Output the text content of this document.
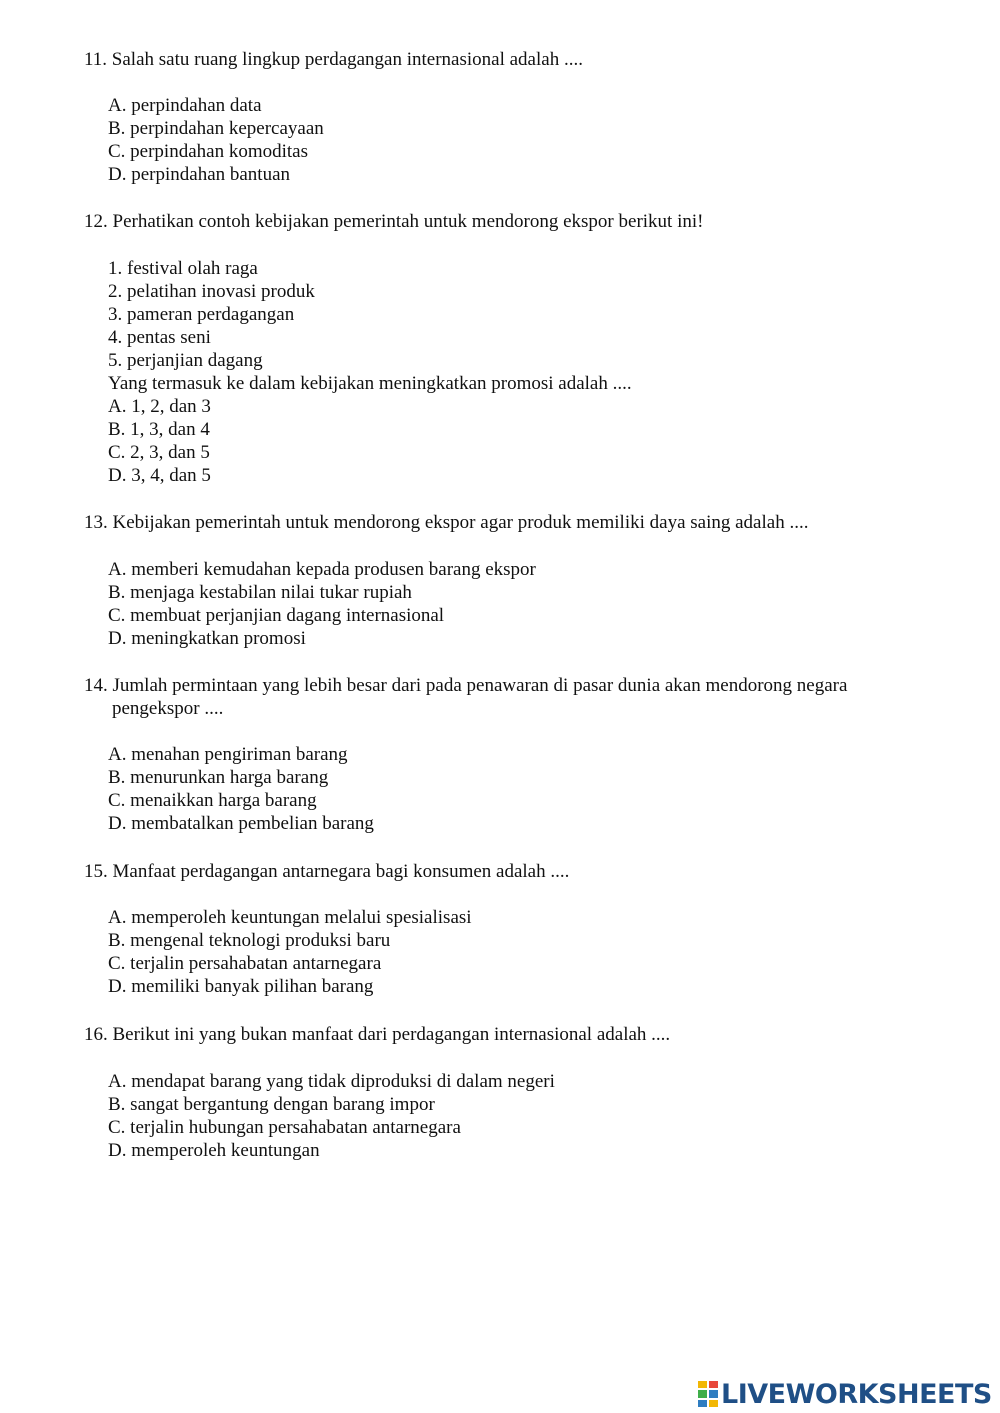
11. Salah satu ruang lingkup perdagangan internasional adalah ....
A. perpindahan data
B. perpindahan kepercayaan
C. perpindahan komoditas
D. perpindahan bantuan
12. Perhatikan contoh kebijakan pemerintah untuk mendorong ekspor berikut ini!
1. festival olah raga
2. pelatihan inovasi produk
3. pameran perdagangan
4. pentas seni
5. perjanjian dagang
Yang termasuk ke dalam kebijakan meningkatkan promosi adalah ....
A. 1, 2, dan 3
B. 1, 3, dan 4
C. 2, 3, dan 5
D. 3, 4, dan 5
13. Kebijakan pemerintah untuk mendorong ekspor agar produk memiliki daya saing adalah ....
A. memberi kemudahan kepada produsen barang ekspor
B. menjaga kestabilan nilai tukar rupiah
C. membuat perjanjian dagang internasional
D. meningkatkan promosi
14. Jumlah permintaan yang lebih besar dari pada penawaran di pasar dunia akan mendorong negara
pengekspor ....
A. menahan pengiriman barang
B. menurunkan harga barang
C. menaikkan harga barang
D. membatalkan pembelian barang
15. Manfaat perdagangan antarnegara bagi konsumen adalah ....
A. memperoleh keuntungan melalui spesialisasi
B. mengenal teknologi produksi baru
C. terjalin persahabatan antarnegara
D. memiliki banyak pilihan barang
16. Berikut ini yang bukan manfaat dari perdagangan internasional adalah ....
A. mendapat barang yang tidak diproduksi di dalam negeri
B. sangat bergantung dengan barang impor
C. terjalin hubungan persahabatan antarnegara
D. memperoleh keuntungan
LIVEWORKSHEETS
